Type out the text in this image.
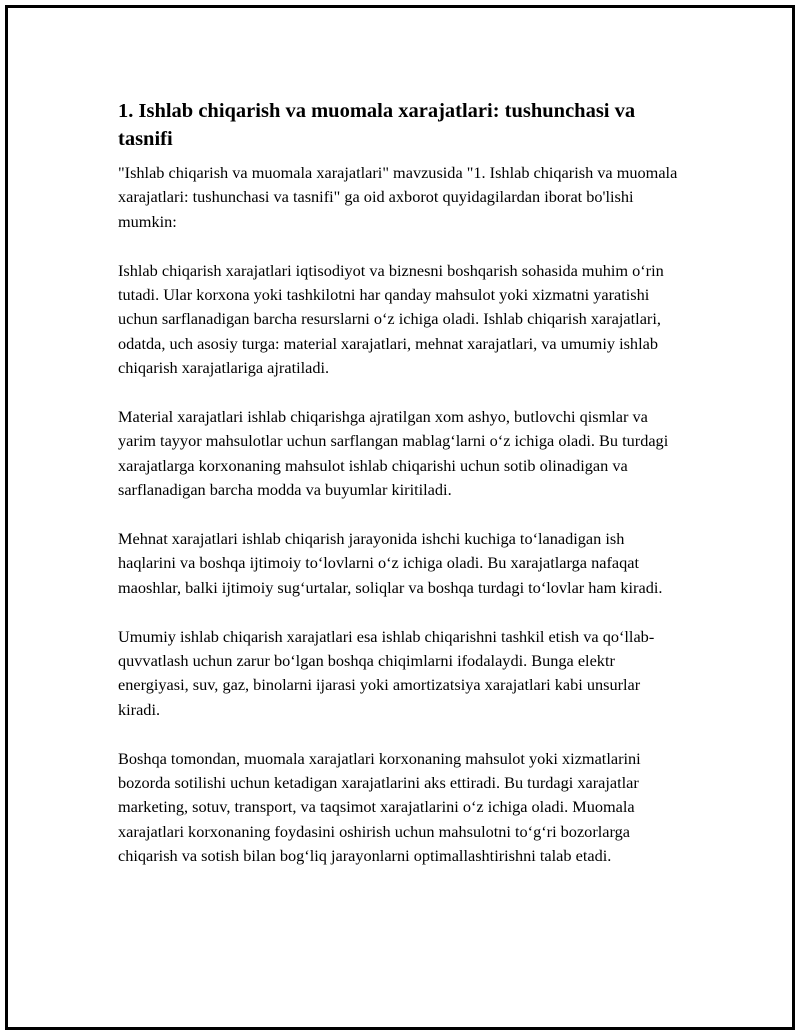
1. Ishlab chiqarish va muomala xarajatlari: tushunchasi va tasnifi

"Ishlab chiqarish va muomala xarajatlari" mavzusida "1. Ishlab chiqarish va muomala xarajatlari: tushunchasi va tasnifi" ga oid axborot quyidagilardan iborat bo'lishi mumkin:

Ishlab chiqarish xarajatlari iqtisodiyot va biznesni boshqarish sohasida muhim o‘rin tutadi. Ular korxona yoki tashkilotni har qanday mahsulot yoki xizmatni yaratishi uchun sarflanadigan barcha resurslarni o‘z ichiga oladi. Ishlab chiqarish xarajatlari, odatda, uch asosiy turga: material xarajatlari, mehnat xarajatlari, va umumiy ishlab chiqarish xarajatlariga ajratiladi.

Material xarajatlari ishlab chiqarishga ajratilgan xom ashyo, butlovchi qismlar va yarim tayyor mahsulotlar uchun sarflangan mablag‘larni o‘z ichiga oladi. Bu turdagi xarajatlarga korxonaning mahsulot ishlab chiqarishi uchun sotib olinadigan va sarflanadigan barcha modda va buyumlar kiritiladi.

Mehnat xarajatlari ishlab chiqarish jarayonida ishchi kuchiga to‘lanadigan ish haqlarini va boshqa ijtimoiy to‘lovlarni o‘z ichiga oladi. Bu xarajatlarga nafaqat maoshlar, balki ijtimoiy sug‘urtalar, soliqlar va boshqa turdagi to‘lovlar ham kiradi.

Umumiy ishlab chiqarish xarajatlari esa ishlab chiqarishni tashkil etish va qo‘llab-quvvatlash uchun zarur bo‘lgan boshqa chiqimlarni ifodalaydi. Bunga elektr energiyasi, suv, gaz, binolarni ijarasi yoki amortizatsiya xarajatlari kabi unsurlar kiradi.

Boshqa tomondan, muomala xarajatlari korxonaning mahsulot yoki xizmatlarini bozorda sotilishi uchun ketadigan xarajatlarini aks ettiradi. Bu turdagi xarajatlar marketing, sotuv, transport, va taqsimot xarajatlarini o‘z ichiga oladi. Muomala xarajatlari korxonaning foydasini oshirish uchun mahsulotni to‘g‘ri bozorlarga chiqarish va sotish bilan bog‘liq jarayonlarni optimallashtirishni talab etadi.
